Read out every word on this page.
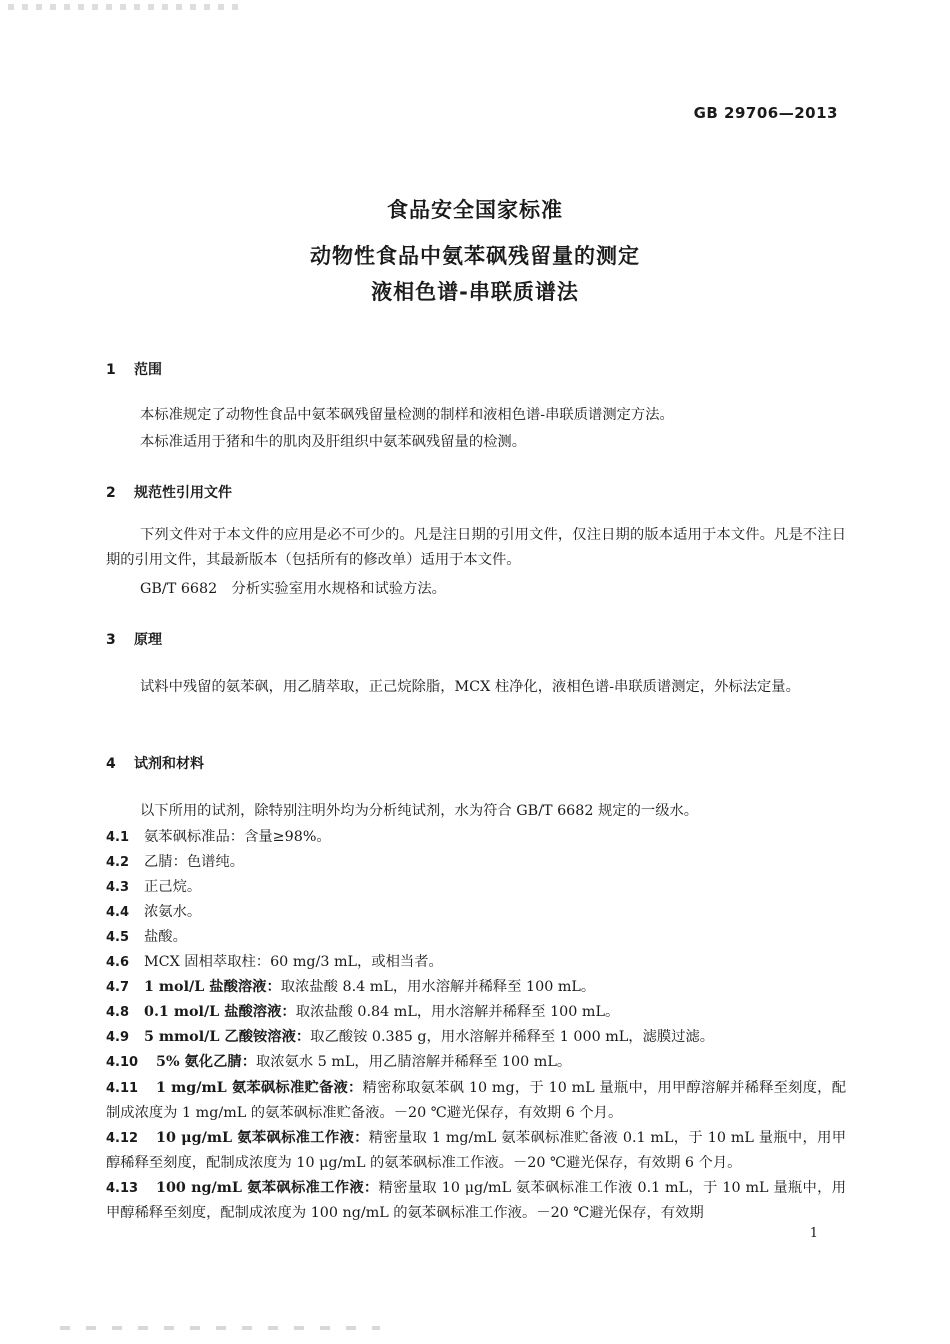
GB 29706—2013
食品安全国家标准
动物性食品中氨苯砜残留量的测定
液相色谱-串联质谱法
1 范围
本标准规定了动物性食品中氨苯砜残留量检测的制样和液相色谱-串联质谱测定方法。
本标准适用于猪和牛的肌肉及肝组织中氨苯砜残留量的检测。
2 规范性引用文件
下列文件对于本文件的应用是必不可少的。凡是注日期的引用文件，仅注日期的版本适用于本文件。凡是不注日期的引用文件，其最新版本（包括所有的修改单）适用于本文件。
GB/T 6682　分析实验室用水规格和试验方法。
3 原理
试料中残留的氨苯砜，用乙腈萃取，正己烷除脂，MCX 柱净化，液相色谱-串联质谱测定，外标法定量。
4 试剂和材料
以下所用的试剂，除特别注明外均为分析纯试剂，水为符合 GB/T 6682 规定的一级水。
4.1 氨苯砜标准品：含量≥98%。
4.2 乙腈：色谱纯。
4.3 正己烷。
4.4 浓氨水。
4.5 盐酸。
4.6 MCX 固相萃取柱：60 mg/3 mL，或相当者。
4.7 1 mol/L 盐酸溶液：取浓盐酸 8.4 mL，用水溶解并稀释至 100 mL。
4.8 0.1 mol/L 盐酸溶液：取浓盐酸 0.84 mL，用水溶解并稀释至 100 mL。
4.9 5 mmol/L 乙酸铵溶液：取乙酸铵 0.385 g，用水溶解并稀释至 1 000 mL，滤膜过滤。
4.10 5% 氨化乙腈：取浓氨水 5 mL，用乙腈溶解并稀释至 100 mL。
4.11 1 mg/mL 氨苯砜标准贮备液：精密称取氨苯砜 10 mg，于 10 mL 量瓶中，用甲醇溶解并稀释至刻度，配制成浓度为 1 mg/mL 的氨苯砜标准贮备液。－20 ℃避光保存，有效期 6 个月。
4.12 10 μg/mL 氨苯砜标准工作液：精密量取 1 mg/mL 氨苯砜标准贮备液 0.1 mL，于 10 mL 量瓶中，用甲醇稀释至刻度，配制成浓度为 10 μg/mL 的氨苯砜标准工作液。－20 ℃避光保存，有效期 6 个月。
4.13 100 ng/mL 氨苯砜标准工作液：精密量取 10 μg/mL 氨苯砜标准工作液 0.1 mL，于 10 mL 量瓶中，用甲醇稀释至刻度，配制成浓度为 100 ng/mL 的氨苯砜标准工作液。－20 ℃避光保存，有效期
1
